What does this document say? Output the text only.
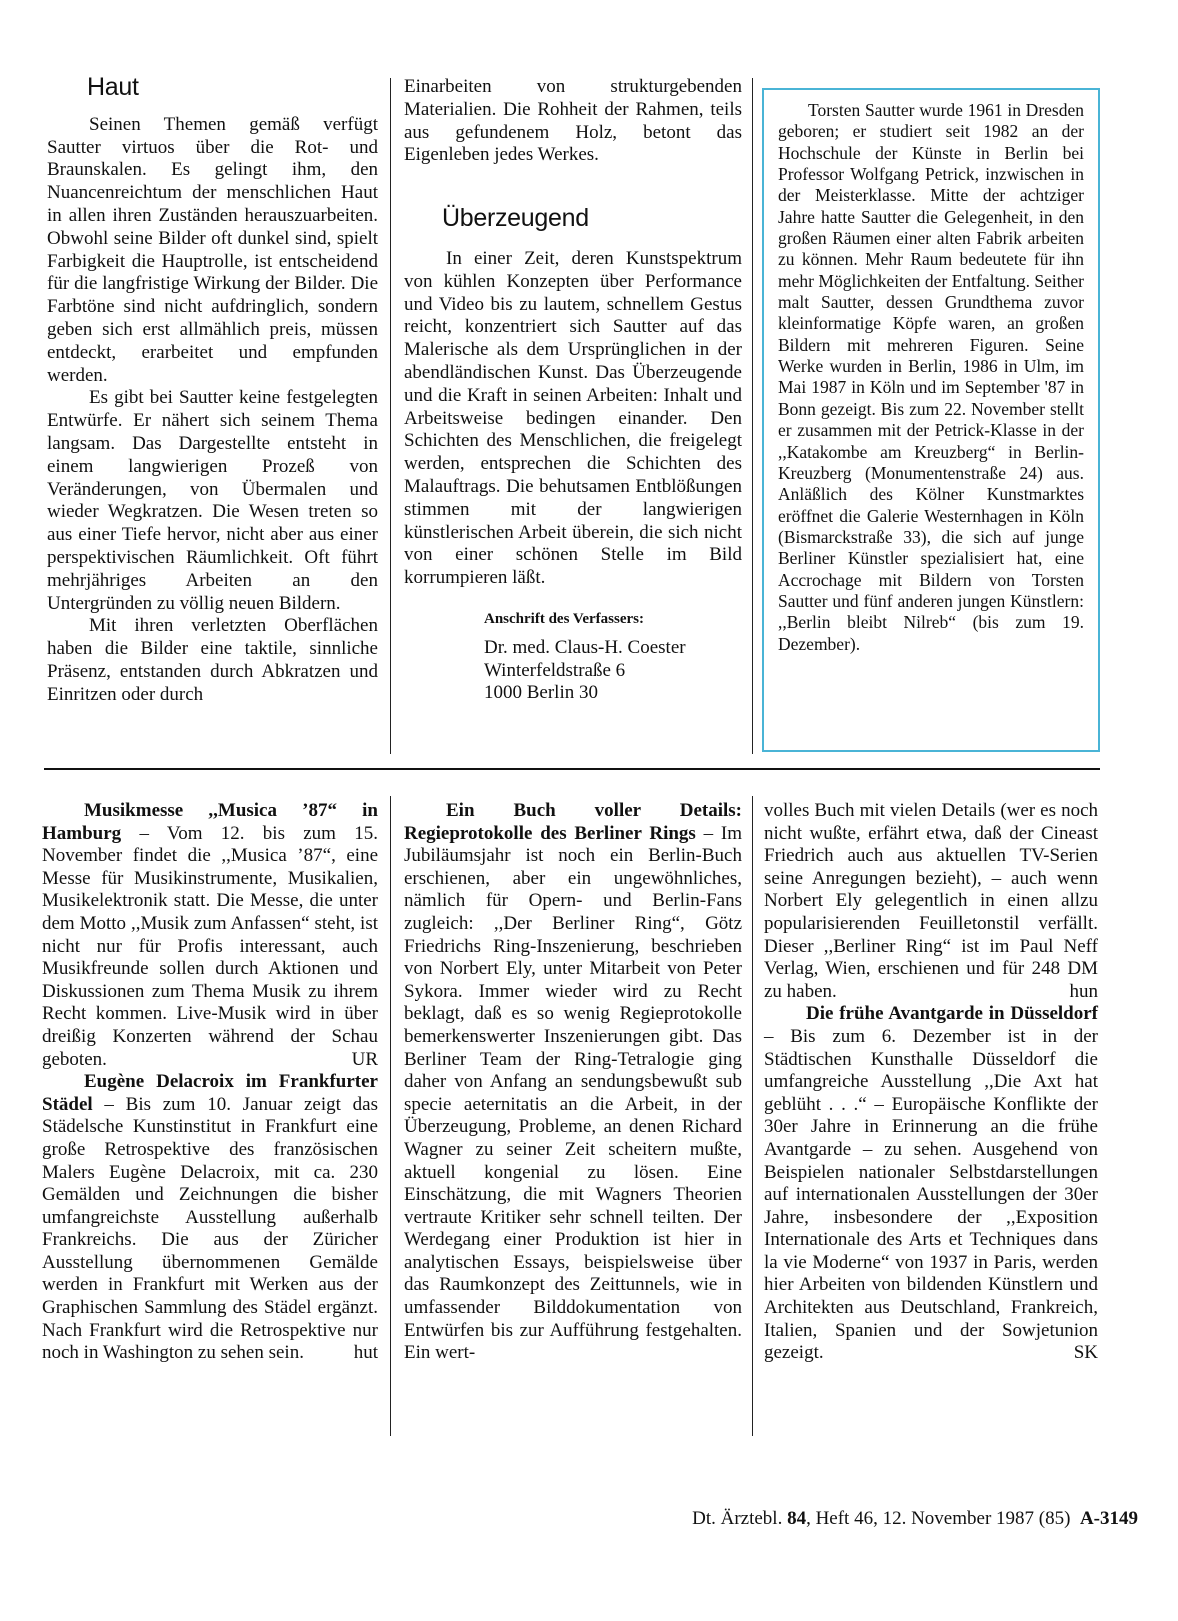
Haut

Seinen Themen gemäß verfügt Sautter virtuos über die Rot- und Braunskalen. Es gelingt ihm, den Nuancenreichtum der menschlichen Haut in allen ihren Zuständen herauszuarbeiten. Obwohl seine Bilder oft dunkel sind, spielt Farbigkeit die Hauptrolle, ist entscheidend für die langfristige Wirkung der Bilder. Die Farbtöne sind nicht aufdringlich, sondern geben sich erst allmählich preis, müssen entdeckt, erarbeitet und empfunden werden.

Es gibt bei Sautter keine festgelegten Entwürfe. Er nähert sich seinem Thema langsam. Das Dargestellte entsteht in einem langwierigen Prozeß von Veränderungen, von Übermalen und wieder Wegkratzen. Die Wesen treten so aus einer Tiefe hervor, nicht aber aus einer perspektivischen Räumlichkeit. Oft führt mehrjähriges Arbeiten an den Untergründen zu völlig neuen Bildern.

Mit ihren verletzten Oberflächen haben die Bilder eine taktile, sinnliche Präsenz, entstanden durch Abkratzen und Einritzen oder durch

Einarbeiten von strukturgebenden Materialien. Die Rohheit der Rahmen, teils aus gefundenem Holz, betont das Eigenleben jedes Werkes.

Überzeugend

In einer Zeit, deren Kunstspektrum von kühlen Konzepten über Performance und Video bis zu lautem, schnellem Gestus reicht, konzentriert sich Sautter auf das Malerische als dem Ursprünglichen in der abendländischen Kunst. Das Überzeugende und die Kraft in seinen Arbeiten: Inhalt und Arbeitsweise bedingen einander. Den Schichten des Menschlichen, die freigelegt werden, entsprechen die Schichten des Malauftrags. Die behutsamen Entblößungen stimmen mit der langwierigen künstlerischen Arbeit überein, die sich nicht von einer schönen Stelle im Bild korrumpieren läßt.

Anschrift des Verfassers:
Dr. med. Claus-H. Coester
Winterfeldstraße 6
1000 Berlin 30

Torsten Sautter wurde 1961 in Dresden geboren; er studiert seit 1982 an der Hochschule der Künste in Berlin bei Professor Wolfgang Petrick, inzwischen in der Meisterklasse. Mitte der achtziger Jahre hatte Sautter die Gelegenheit, in den großen Räumen einer alten Fabrik arbeiten zu können. Mehr Raum bedeutete für ihn mehr Möglichkeiten der Entfaltung. Seither malt Sautter, dessen Grundthema zuvor kleinformatige Köpfe waren, an großen Bildern mit mehreren Figuren. Seine Werke wurden in Berlin, 1986 in Ulm, im Mai 1987 in Köln und im September '87 in Bonn gezeigt. Bis zum 22. November stellt er zusammen mit der Petrick-Klasse in der ,,Katakombe am Kreuzberg“ in Berlin-Kreuzberg (Monumentenstraße 24) aus. Anläßlich des Kölner Kunstmarktes eröffnet die Galerie Westernhagen in Köln (Bismarckstraße 33), die sich auf junge Berliner Künstler spezialisiert hat, eine Accrochage mit Bildern von Torsten Sautter und fünf anderen jungen Künstlern: ,,Berlin bleibt Nilreb“ (bis zum 19. Dezember).

Musikmesse ,,Musica ’87“ in Hamburg – Vom 12. bis zum 15. November findet die ,,Musica ’87“, eine Messe für Musikinstrumente, Musikalien, Musikelektronik statt. Die Messe, die unter dem Motto ,,Musik zum Anfassen“ steht, ist nicht nur für Profis interessant, auch Musikfreunde sollen durch Aktionen und Diskussionen zum Thema Musik zu ihrem Recht kommen. Live-Musik wird in über dreißig Konzerten während der Schau geboten.	UR

Eugène Delacroix im Frankfurter Städel – Bis zum 10. Januar zeigt das Städelsche Kunstinstitut in Frankfurt eine große Retrospektive des französischen Malers Eugène Delacroix, mit ca. 230 Gemälden und Zeichnungen die bisher umfangreichste Ausstellung außerhalb Frankreichs. Die aus der Züricher Ausstellung übernommenen Gemälde werden in Frankfurt mit Werken aus der Graphischen Sammlung des Städel ergänzt. Nach Frankfurt wird die Retrospektive nur noch in Washington zu sehen sein.	hut

Ein Buch voller Details: Regieprotokolle des Berliner Rings – Im Jubiläumsjahr ist noch ein Berlin-Buch erschienen, aber ein ungewöhnliches, nämlich für Opern- und Berlin-Fans zugleich: ,,Der Berliner Ring“, Götz Friedrichs Ring-Inszenierung, beschrieben von Norbert Ely, unter Mitarbeit von Peter Sykora. Immer wieder wird zu Recht beklagt, daß es so wenig Regieprotokolle bemerkenswerter Inszenierungen gibt. Das Berliner Team der Ring-Tetralogie ging daher von Anfang an sendungsbewußt sub specie aeternitatis an die Arbeit, in der Überzeugung, Probleme, an denen Richard Wagner zu seiner Zeit scheitern mußte, aktuell kongenial zu lösen. Eine Einschätzung, die mit Wagners Theorien vertraute Kritiker sehr schnell teilten. Der Werdegang einer Produktion ist hier in analytischen Essays, beispielsweise über das Raumkonzept des Zeittunnels, wie in umfassender Bilddokumentation von Entwürfen bis zur Aufführung festgehalten. Ein wert-

volles Buch mit vielen Details (wer es noch nicht wußte, erfährt etwa, daß der Cineast Friedrich auch aus aktuellen TV-Serien seine Anregungen bezieht), – auch wenn Norbert Ely gelegentlich in einen allzu popularisierenden Feuilletonstil verfällt. Dieser ,,Berliner Ring“ ist im Paul Neff Verlag, Wien, erschienen und für 248 DM zu haben.	hun

Die frühe Avantgarde in Düsseldorf – Bis zum 6. Dezember ist in der Städtischen Kunsthalle Düsseldorf die umfangreiche Ausstellung ,,Die Axt hat geblüht . . .“ – Europäische Konflikte der 30er Jahre in Erinnerung an die frühe Avantgarde – zu sehen. Ausgehend von Beispielen nationaler Selbstdarstellungen auf internationalen Ausstellungen der 30er Jahre, insbesondere der ,,Exposition Internationale des Arts et Techniques dans la vie Moderne“ von 1937 in Paris, werden hier Arbeiten von bildenden Künstlern und Architekten aus Deutschland, Frankreich, Italien, Spanien und der Sowjetunion gezeigt.	SK

Dt. Ärztebl. 84, Heft 46, 12. November 1987 (85) A-3149
